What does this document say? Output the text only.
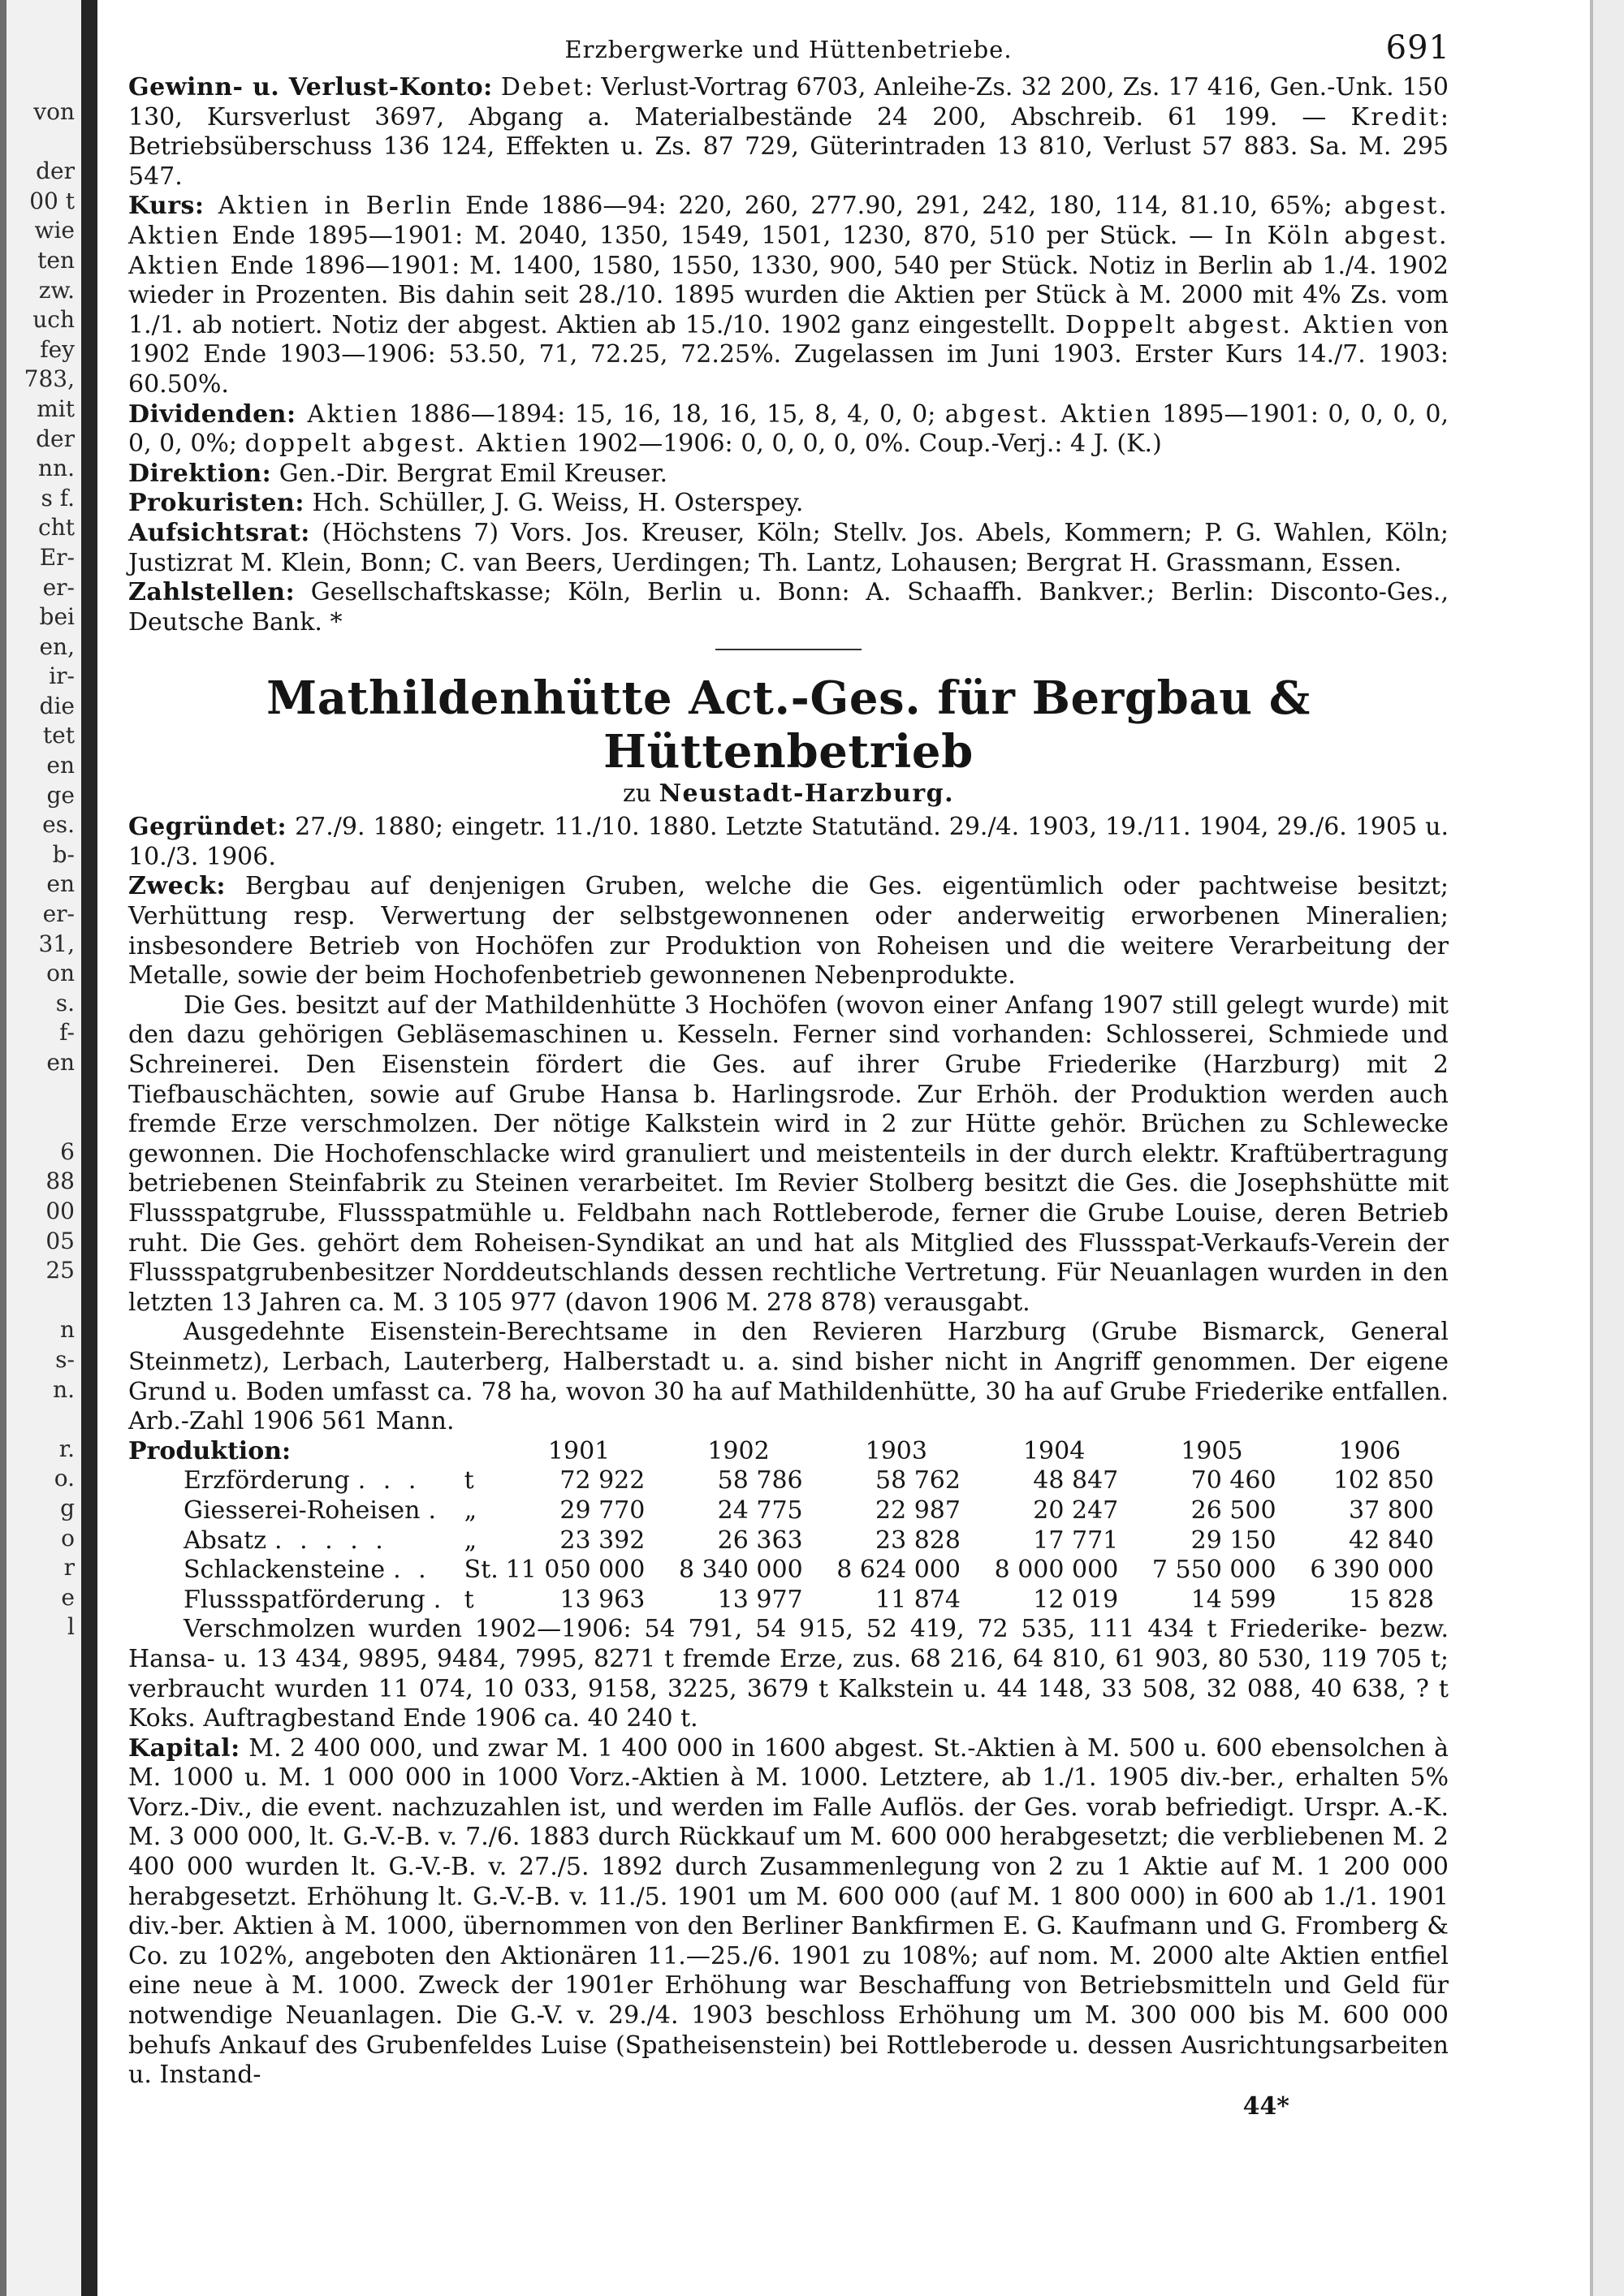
von

der
00 t
wie
ten
zw.
uch
fey
783,
mit
der
nn.
s f.
cht
Er-
er-
bei
en,
ir-
die
tet
en
ge
es.
b-
en
er-
31,
on
s.
f-
en

6
88
00
05
25

n
s-
n.

r.
o.
g
o
r
e
l
Erzbergwerke und Hüttenbetriebe.	691

Gewinn- u. Verlust-Konto: Debet: Verlust-Vortrag 6703, Anleihe-Zs. 32 200, Zs. 17 416, Gen.-Unk. 150 130, Kursverlust 3697, Abgang a. Materialbestände 24 200, Abschreib. 61 199. — Kredit: Betriebsüberschuss 136 124, Effekten u. Zs. 87 729, Güterintraden 13 810, Verlust 57 883. Sa. M. 295 547.

Kurs: Aktien in Berlin Ende 1886—94: 220, 260, 277.90, 291, 242, 180, 114, 81.10, 65%; abgest. Aktien Ende 1895—1901: M. 2040, 1350, 1549, 1501, 1230, 870, 510 per Stück. — In Köln abgest. Aktien Ende 1896—1901: M. 1400, 1580, 1550, 1330, 900, 540 per Stück. Notiz in Berlin ab 1./4. 1902 wieder in Prozenten. Bis dahin seit 28./10. 1895 wurden die Aktien per Stück à M. 2000 mit 4% Zs. vom 1./1. ab notiert. Notiz der abgest. Aktien ab 15./10. 1902 ganz eingestellt. Doppelt abgest. Aktien von 1902 Ende 1903—1906: 53.50, 71, 72.25, 72.25%. Zugelassen im Juni 1903. Erster Kurs 14./7. 1903: 60.50%.

Dividenden: Aktien 1886—1894: 15, 16, 18, 16, 15, 8, 4, 0, 0; abgest. Aktien 1895—1901: 0, 0, 0, 0, 0, 0, 0%; doppelt abgest. Aktien 1902—1906: 0, 0, 0, 0, 0%. Coup.-Verj.: 4 J. (K.)

Direktion: Gen.-Dir. Bergrat Emil Kreuser.

Prokuristen: Hch. Schüller, J. G. Weiss, H. Osterspey.

Aufsichtsrat: (Höchstens 7) Vors. Jos. Kreuser, Köln; Stellv. Jos. Abels, Kommern; P. G. Wahlen, Köln; Justizrat M. Klein, Bonn; C. van Beers, Uerdingen; Th. Lantz, Lohausen; Bergrat H. Grassmann, Essen.

Zahlstellen: Gesellschaftskasse; Köln, Berlin u. Bonn: A. Schaaffh. Bankver.; Berlin: Disconto-Ges., Deutsche Bank. *

Mathildenhütte Act.-Ges. für Bergbau & Hüttenbetrieb
zu Neustadt-Harzburg.

Gegründet: 27./9. 1880; eingetr. 11./10. 1880. Letzte Statutänd. 29./4. 1903, 19./11. 1904, 29./6. 1905 u. 10./3. 1906.

Zweck: Bergbau auf denjenigen Gruben, welche die Ges. eigentümlich oder pachtweise besitzt; Verhüttung resp. Verwertung der selbstgewonnenen oder anderweitig erworbenen Mineralien; insbesondere Betrieb von Hochöfen zur Produktion von Roheisen und die weitere Verarbeitung der Metalle, sowie der beim Hochofenbetrieb gewonnenen Nebenprodukte.

Die Ges. besitzt auf der Mathildenhütte 3 Hochöfen (wovon einer Anfang 1907 still gelegt wurde) mit den dazu gehörigen Gebläsemaschinen u. Kesseln. Ferner sind vorhanden: Schlosserei, Schmiede und Schreinerei. Den Eisenstein fördert die Ges. auf ihrer Grube Friederike (Harzburg) mit 2 Tiefbauschächten, sowie auf Grube Hansa b. Harlingsrode. Zur Erhöh. der Produktion werden auch fremde Erze verschmolzen. Der nötige Kalkstein wird in 2 zur Hütte gehör. Brüchen zu Schlewecke gewonnen. Die Hochofenschlacke wird granuliert und meistenteils in der durch elektr. Kraftübertragung betriebenen Steinfabrik zu Steinen verarbeitet. Im Revier Stolberg besitzt die Ges. die Josephshütte mit Flussspatgrube, Flussspatmühle u. Feldbahn nach Rottleberode, ferner die Grube Louise, deren Betrieb ruht. Die Ges. gehört dem Roheisen-Syndikat an und hat als Mitglied des Flussspat-Verkaufs-Verein der Flussspatgrubenbesitzer Norddeutschlands dessen rechtliche Vertretung. Für Neuanlagen wurden in den letzten 13 Jahren ca. M. 3 105 977 (davon 1906 M. 278 878) verausgabt.

Ausgedehnte Eisenstein-Berechtsame in den Revieren Harzburg (Grube Bismarck, General Steinmetz), Lerbach, Lauterberg, Halberstadt u. a. sind bisher nicht in Angriff genommen. Der eigene Grund u. Boden umfasst ca. 78 ha, wovon 30 ha auf Mathildenhütte, 30 ha auf Grube Friederike entfallen. Arb.-Zahl 1906 561 Mann.

Produktion:		1901	1902	1903	1904	1905	1906
Erzförderung . . .	t	72 922	58 786	58 762	48 847	70 460	102 850
Giesserei-Roheisen .	„	29 770	24 775	22 987	20 247	26 500	37 800
Absatz . . . . .	„	23 392	26 363	23 828	17 771	29 150	42 840
Schlackensteine . .	St.	11 050 000	8 340 000	8 624 000	8 000 000	7 550 000	6 390 000
Flussspatförderung .	t	13 963	13 977	11 874	12 019	14 599	15 828

Verschmolzen wurden 1902—1906: 54 791, 54 915, 52 419, 72 535, 111 434 t Friederike- bezw. Hansa- u. 13 434, 9895, 9484, 7995, 8271 t fremde Erze, zus. 68 216, 64 810, 61 903, 80 530, 119 705 t; verbraucht wurden 11 074, 10 033, 9158, 3225, 3679 t Kalkstein u. 44 148, 33 508, 32 088, 40 638, ? t Koks. Auftragbestand Ende 1906 ca. 40 240 t.

Kapital: M. 2 400 000, und zwar M. 1 400 000 in 1600 abgest. St.-Aktien à M. 500 u. 600 ebensolchen à M. 1000 u. M. 1 000 000 in 1000 Vorz.-Aktien à M. 1000. Letztere, ab 1./1. 1905 div.-ber., erhalten 5% Vorz.-Div., die event. nachzuzahlen ist, und werden im Falle Auflös. der Ges. vorab befriedigt. Urspr. A.-K. M. 3 000 000, lt. G.-V.-B. v. 7./6. 1883 durch Rückkauf um M. 600 000 herabgesetzt; die verbliebenen M. 2 400 000 wurden lt. G.-V.-B. v. 27./5. 1892 durch Zusammenlegung von 2 zu 1 Aktie auf M. 1 200 000 herabgesetzt. Erhöhung lt. G.-V.-B. v. 11./5. 1901 um M. 600 000 (auf M. 1 800 000) in 600 ab 1./1. 1901 div.-ber. Aktien à M. 1000, übernommen von den Berliner Bankfirmen E. G. Kaufmann und G. Fromberg & Co. zu 102%, angeboten den Aktionären 11.—25./6. 1901 zu 108%; auf nom. M. 2000 alte Aktien entfiel eine neue à M. 1000. Zweck der 1901er Erhöhung war Beschaffung von Betriebsmitteln und Geld für notwendige Neuanlagen. Die G.-V. v. 29./4. 1903 beschloss Erhöhung um M. 300 000 bis M. 600 000 behufs Ankauf des Grubenfeldes Luise (Spatheisenstein) bei Rottleberode u. dessen Ausrichtungsarbeiten u. Instand-

44*
